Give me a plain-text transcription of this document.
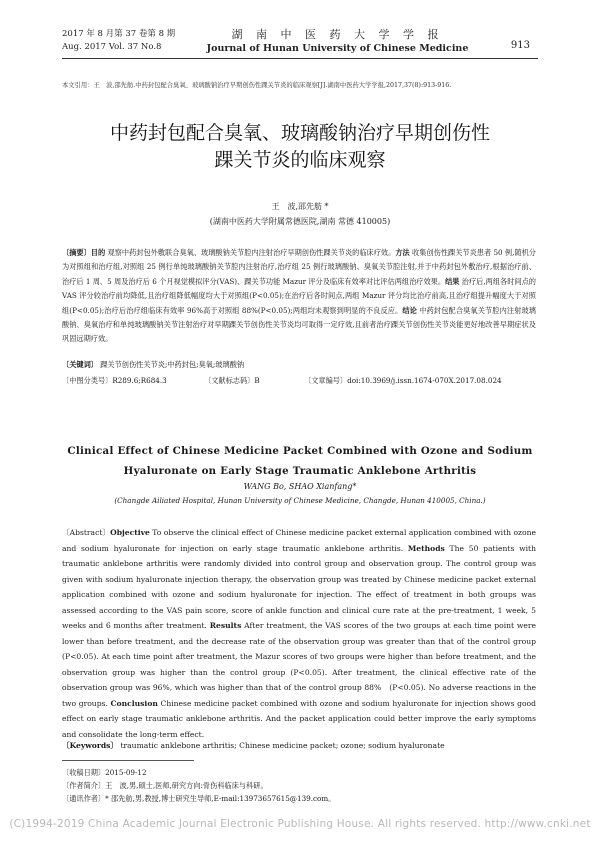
2017 年 8 月第 37 卷第 8 期
Aug. 2017 Vol. 37 No.8
湖 南 中 医 药 大 学 学 报
Journal of Hunan University of Chinese Medicine	913
本文引用：王　波,邵先舫.中药封包配合臭氧、玻璃酸钠治疗早期创伤性踝关节炎的临床观察[J].湖南中医药大学学报,2017,37(8):913-916.
中药封包配合臭氧、玻璃酸钠治疗早期创伤性
踝关节炎的临床观察
王　波,邵先舫 *
(湖南中医药大学附属常德医院,湖南 常德 410005)
〔摘要〕目的 观察中药封包外敷联合臭氧、玻璃酸钠关节腔内注射治疗早期创伤性踝关节炎的临床疗效。方法 收集创伤性踝关节炎患者 50 例,随机分为对照组和治疗组,对照组 25 例行单纯玻璃酸钠关节腔内注射治疗,治疗组 25 例行玻璃酸钠、臭氧关节腔注射,并于中药封包外敷治疗,根据治疗前、治疗后 1 周、5 周及治疗后 6 个月视觉模拟评分(VAS)、踝关节功能 Mazur 评分及临床有效率对比评估两组治疗效果。结果 治疗后,两组各时间点的 VAS 评分较治疗前均降低,且治疗组降低幅度均大于对照组(P<0.05);在治疗后各时间点,两组 Mazur 评分均比治疗前高,且治疗组提升幅度大于对照组(P<0.05);治疗后治疗组临床有效率 96%高于对照组 88%(P<0.05);两组均未观察到明显的不良反应。结论 中药封包配合臭氧关节腔内注射玻璃酸钠、臭氧治疗和单纯玻璃酸钠关节注射治疗对早期踝关节创伤性关节炎均可取得一定疗效,且前者治疗踝关节创伤性关节炎能更好地改善早期症状及巩固远期疗效。
〔关键词〕 踝关节创伤性关节炎;中药封包;臭氧;玻璃酸钠
〔中图分类号〕R289.6;R684.3	〔文献标志码〕B	〔文章编号〕doi:10.3969/j.issn.1674-070X.2017.08.024
Clinical Effect of Chinese Medicine Packet Combined with Ozone and Sodium
Hyaluronate on Early Stage Traumatic Anklebone Arthritis
WANG Bo, SHAO Xianfang*
(Changde Ailiated Hospital, Hunan University of Chinese Medicine, Changde, Hunan 410005, China.)
〔Abstract〕Objective To observe the clinical effect of Chinese medicine packet external application combined with ozone and sodium hyaluronate for injection on early stage traumatic anklebone arthritis. Methods The 50 patients with traumatic anklebone arthritis were randomly divided into control group and observation group. The control group was given with sodium hyaluronate injection therapy, the observation group was treated by Chinese medicine packet external application combined with ozone and sodium hyaluronate for injection. The effect of treatment in both groups was assessed according to the VAS pain score, score of ankle function and clinical cure rate at the pre-treatment, 1 week, 5 weeks and 6 months after treatment. Results After treatment, the VAS scores of the two groups at each time point were lower than before treatment, and the decrease rate of the observation group was greater than that of the control group (P<0.05). At each time point after treatment, the Mazur scores of two groups were higher than before treatment, and the observation group was higher than the control group (P<0.05). After treatment, the clinical effective rate of the observation group was 96%, which was higher than that of the control group 88%　(P<0.05). No adverse reactions in the two groups. Conclusion Chinese medicine packet combined with ozone and sodium hyaluronate for injection shows good effect on early stage traumatic anklebone arthritis. And the packet application could better improve the early symptoms and consolidate the long-term effect.
〔Keywords〕 traumatic anklebone arthritis; Chinese medicine packet; ozone; sodium hyaluronate
〔收稿日期〕2015-09-12
〔作者简介〕王　波,男,硕士,医师,研究方向:骨伤科临床与科研。
〔通讯作者〕* 邵先舫,男,教授,博士研究生导师,E-mail:13973657615@139.com。
(C)1994-2019 China Academic Journal Electronic Publishing House. All rights reserved. http://www.cnki.net
